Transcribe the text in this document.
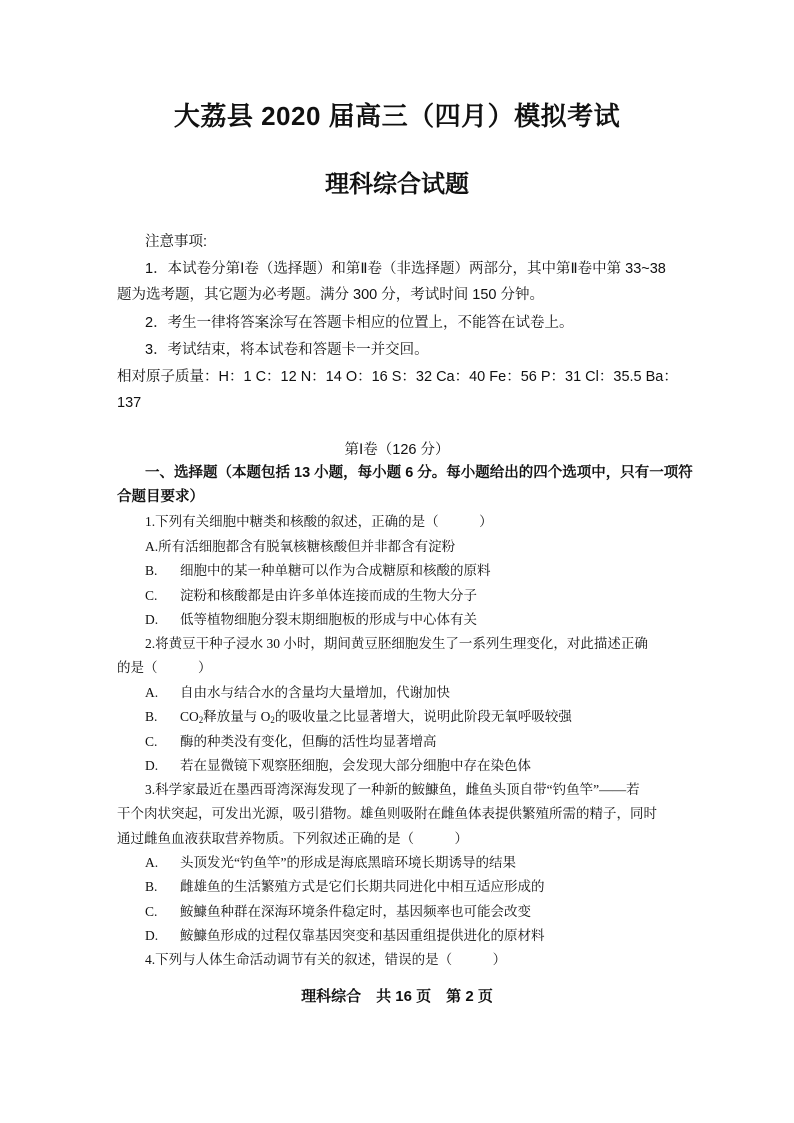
大荔县 2020 届高三（四月）模拟考试
理科综合试题
注意事项:
1．本试卷分第Ⅰ卷（选择题）和第Ⅱ卷（非选择题）两部分，其中第Ⅱ卷中第 33~38
题为选考题，其它题为必考题。满分 300 分，考试时间 150 分钟。
2．考生一律将答案涂写在答题卡相应的位置上，不能答在试卷上。
3．考试结束，将本试卷和答题卡一并交回。
相对原子质量：H：1 C：12 N：14 O：16 S：32 Ca：40 Fe：56 P：31 Cl：35.5 Ba：
137
第Ⅰ卷（126 分）
一、选择题（本题包括 13 小题，每小题 6 分。每小题给出的四个选项中，只有一项符
合题目要求）
1.下列有关细胞中糖类和核酸的叙述，正确的是（　　　）
A.所有活细胞都含有脱氧核糖核酸但并非都含有淀粉
B. 细胞中的某一种单糖可以作为合成糖原和核酸的原料
C. 淀粉和核酸都是由许多单体连接而成的生物大分子
D. 低等植物细胞分裂末期细胞板的形成与中心体有关
2.将黄豆干种子浸水 30 小时，期间黄豆胚细胞发生了一系列生理变化，对此描述正确
的是（　　　）
A. 自由水与结合水的含量均大量增加，代谢加快
B. $CO_2$释放量与 $O_2$的吸收量之比显著增大，说明此阶段无氧呼吸较强
C. 酶的种类没有变化，但酶的活性均显著增高
D. 若在显微镜下观察胚细胞，会发现大部分细胞中存在染色体
3.科学家最近在墨西哥湾深海发现了一种新的鮟鱇鱼，雌鱼头顶自带“钓鱼竿”——若
干个肉状突起，可发出光源，吸引猎物。雄鱼则吸附在雌鱼体表提供繁殖所需的精子，同时
通过雌鱼血液获取营养物质。下列叙述正确的是（　　　）
A. 头顶发光“钓鱼竿”的形成是海底黑暗环境长期诱导的结果
B. 雌雄鱼的生活繁殖方式是它们长期共同进化中相互适应形成的
C. 鮟鱇鱼种群在深海环境条件稳定时，基因频率也可能会改变
D. 鮟鱇鱼形成的过程仅靠基因突变和基因重组提供进化的原材料
4.下列与人体生命活动调节有关的叙述，错误的是（　　　）
理科综合　共 16 页　第 2 页
